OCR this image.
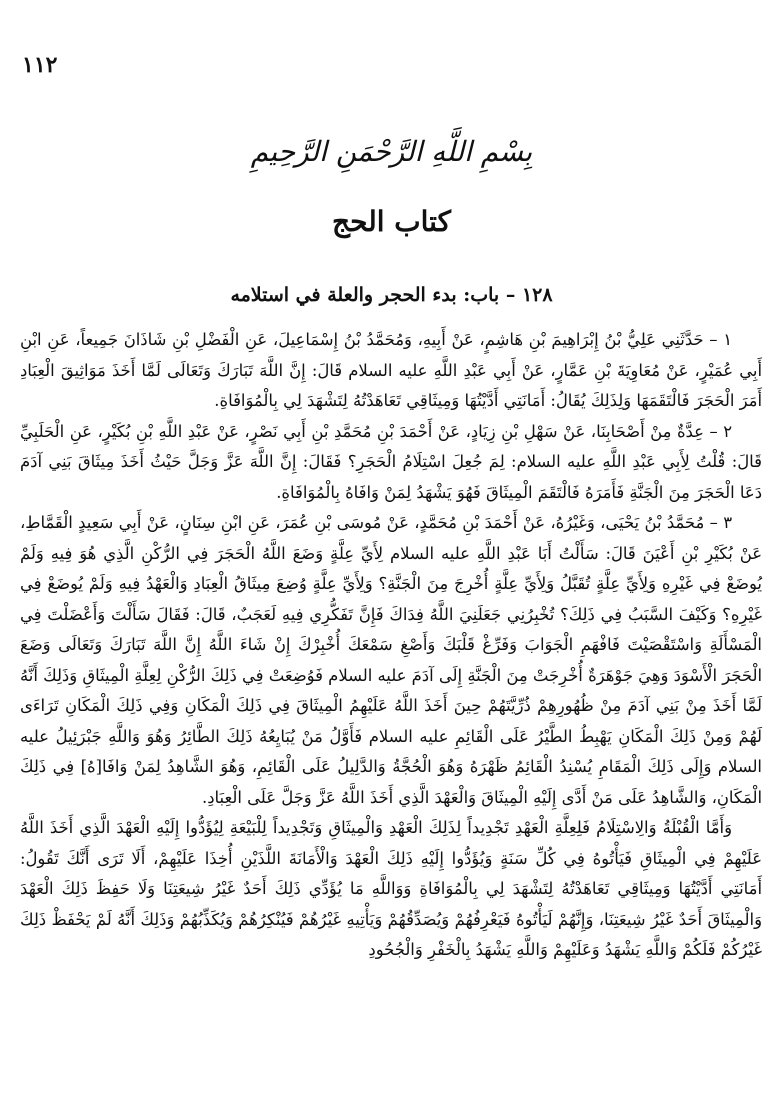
١١٢
بِسْمِ اللَّهِ الرَّحْمَنِ الرَّحِيمِ
كتاب الحج
١٢٨ – باب: بدء الحجر والعلة في استلامه

١ – حَدَّثَنِي عَلِيُّ بْنُ إِبْرَاهِيمَ بْنِ هَاشِمٍ، عَنْ أَبِيهِ، وَمُحَمَّدُ بْنُ إِسْمَاعِيلَ، عَنِ الْفَضْلِ بْنِ شَاذَانَ جَمِيعاً، عَنِ ابْنِ أَبِي عُمَيْرٍ، عَنْ مُعَاوِيَةَ بْنِ عَمَّارٍ، عَنْ أَبِي عَبْدِ اللَّهِ عليه السلام قَالَ: إِنَّ اللَّهَ تَبَارَكَ وَتَعَالَى لَمَّا أَخَذَ مَوَاثِيقَ الْعِبَادِ أَمَرَ الْحَجَرَ فَالْتَقَمَهَا وَلِذَلِكَ يُقَالُ: أَمَانَتِي أَدَّيْتُهَا وَمِيثَاقِي تَعَاهَدْتُهُ لِتَشْهَدَ لِي بِالْمُوَافَاةِ.

٢ – عِدَّةٌ مِنْ أَصْحَابِنَا، عَنْ سَهْلِ بْنِ زِيَادٍ، عَنْ أَحْمَدَ بْنِ مُحَمَّدِ بْنِ أَبِي نَصْرٍ، عَنْ عَبْدِ اللَّهِ بْنِ بُكَيْرٍ، عَنِ الْحَلَبِيِّ قَالَ: قُلْتُ لِأَبِي عَبْدِ اللَّهِ عليه السلام: لِمَ جُعِلَ اسْتِلَامُ الْحَجَرِ؟ فَقَالَ: إِنَّ اللَّهَ عَزَّ وَجَلَّ حَيْثُ أَخَذَ مِيثَاقَ بَنِي آدَمَ دَعَا الْحَجَرَ مِنَ الْجَنَّةِ فَأَمَرَهُ فَالْتَقَمَ الْمِيثَاقَ فَهُوَ يَشْهَدُ لِمَنْ وَافَاهُ بِالْمُوَافَاةِ.

٣ – مُحَمَّدُ بْنُ يَحْيَى، وَغَيْرُهُ، عَنْ أَحْمَدَ بْنِ مُحَمَّدٍ، عَنْ مُوسَى بْنِ عُمَرَ، عَنِ ابْنِ سِنَانٍ، عَنْ أَبِي سَعِيدٍ الْقَمَّاطِ، عَنْ بُكَيْرِ بْنِ أَعْيَنَ قَالَ: سَأَلْتُ أَبَا عَبْدِ اللَّهِ عليه السلام لِأَيِّ عِلَّةٍ وَضَعَ اللَّهُ الْحَجَرَ فِي الرُّكْنِ الَّذِي هُوَ فِيهِ وَلَمْ يُوضَعْ فِي غَيْرِهِ وَلِأَيِّ عِلَّةٍ تُقَبَّلُ وَلِأَيِّ عِلَّةٍ أُخْرِجَ مِنَ الْجَنَّةِ؟ وَلِأَيِّ عِلَّةٍ وُضِعَ مِيثَاقُ الْعِبَادِ وَالْعَهْدُ فِيهِ وَلَمْ يُوضَعْ فِي غَيْرِهِ؟ وَكَيْفَ السَّبَبُ فِي ذَلِكَ؟ تُخْبِرُنِي جَعَلَنِيَ اللَّهُ فِدَاكَ فَإِنَّ تَفَكُّرِي فِيهِ لَعَجَبٌ، قَالَ: فَقَالَ سَأَلْتَ وَأَعْضَلْتَ فِي الْمَسْأَلَةِ وَاسْتَقْصَيْتَ فَافْهَمِ الْجَوَابَ وَفَرِّغْ قَلْبَكَ وَأَصْغِ سَمْعَكَ أُخْبِرْكَ إِنْ شَاءَ اللَّهُ إِنَّ اللَّهَ تَبَارَكَ وَتَعَالَى وَضَعَ الْحَجَرَ الْأَسْوَدَ وَهِيَ جَوْهَرَةٌ أُخْرِجَتْ مِنَ الْجَنَّةِ إِلَى آدَمَ عليه السلام فَوُضِعَتْ فِي ذَلِكَ الرُّكْنِ لِعِلَّةِ الْمِيثَاقِ وَذَلِكَ أَنَّهُ لَمَّا أَخَذَ مِنْ بَنِي آدَمَ مِنْ ظُهُورِهِمْ ذُرِّيَّتَهُمْ حِينَ أَخَذَ اللَّهُ عَلَيْهِمُ الْمِيثَاقَ فِي ذَلِكَ الْمَكَانِ وَفِي ذَلِكَ الْمَكَانِ تَرَاءَى لَهُمْ وَمِنْ ذَلِكَ الْمَكَانِ يَهْبِطُ الطَّيْرُ عَلَى الْقَائِمِ عليه السلام فَأَوَّلُ مَنْ يُبَايِعُهُ ذَلِكَ الطَّائِرُ وَهُوَ وَاللَّهِ جَبْرَئِيلُ عليه السلام وَإِلَى ذَلِكَ الْمَقَامِ يُسْنِدُ الْقَائِمُ ظَهْرَهُ وَهُوَ الْحُجَّةُ وَالدَّلِيلُ عَلَى الْقَائِمِ، وَهُوَ الشَّاهِدُ لِمَنْ وَافَا[هُ] فِي ذَلِكَ الْمَكَانِ، وَالشَّاهِدُ عَلَى مَنْ أَدَّى إِلَيْهِ الْمِيثَاقَ وَالْعَهْدَ الَّذِي أَخَذَ اللَّهُ عَزَّ وَجَلَّ عَلَى الْعِبَادِ.

وَأَمَّا الْقُبْلَةُ وَالِاسْتِلَامُ فَلِعِلَّةِ الْعَهْدِ تَجْدِيداً لِذَلِكَ الْعَهْدِ وَالْمِيثَاقِ وَتَجْدِيداً لِلْبَيْعَةِ لِيُؤَدُّوا إِلَيْهِ الْعَهْدَ الَّذِي أَخَذَ اللَّهُ عَلَيْهِمْ فِي الْمِيثَاقِ فَيَأْتُوهُ فِي كُلِّ سَنَةٍ وَيُؤَدُّوا إِلَيْهِ ذَلِكَ الْعَهْدَ وَالْأَمَانَةَ اللَّذَيْنِ أُخِذَا عَلَيْهِمْ، أَلَا تَرَى أَنَّكَ تَقُولُ: أَمَانَتِي أَدَّيْتُهَا وَمِيثَاقِي تَعَاهَدْتُهُ لِتَشْهَدَ لِي بِالْمُوَافَاةِ وَوَاللَّهِ مَا يُؤَدِّي ذَلِكَ أَحَدٌ غَيْرُ شِيعَتِنَا وَلَا حَفِظَ ذَلِكَ الْعَهْدَ وَالْمِيثَاقَ أَحَدٌ غَيْرُ شِيعَتِنَا، وَإِنَّهُمْ لَيَأْتُوهُ فَيَعْرِفُهُمْ وَيُصَدِّقُهُمْ وَيَأْتِيهِ غَيْرُهُمْ فَيُنْكِرُهُمْ وَيُكَذِّبُهُمْ وَذَلِكَ أَنَّهُ لَمْ يَحْفَظْ ذَلِكَ غَيْرُكُمْ فَلَكُمْ وَاللَّهِ يَشْهَدُ وَعَلَيْهِمْ وَاللَّهِ يَشْهَدُ بِالْخَفْرِ وَالْجُحُودِ
